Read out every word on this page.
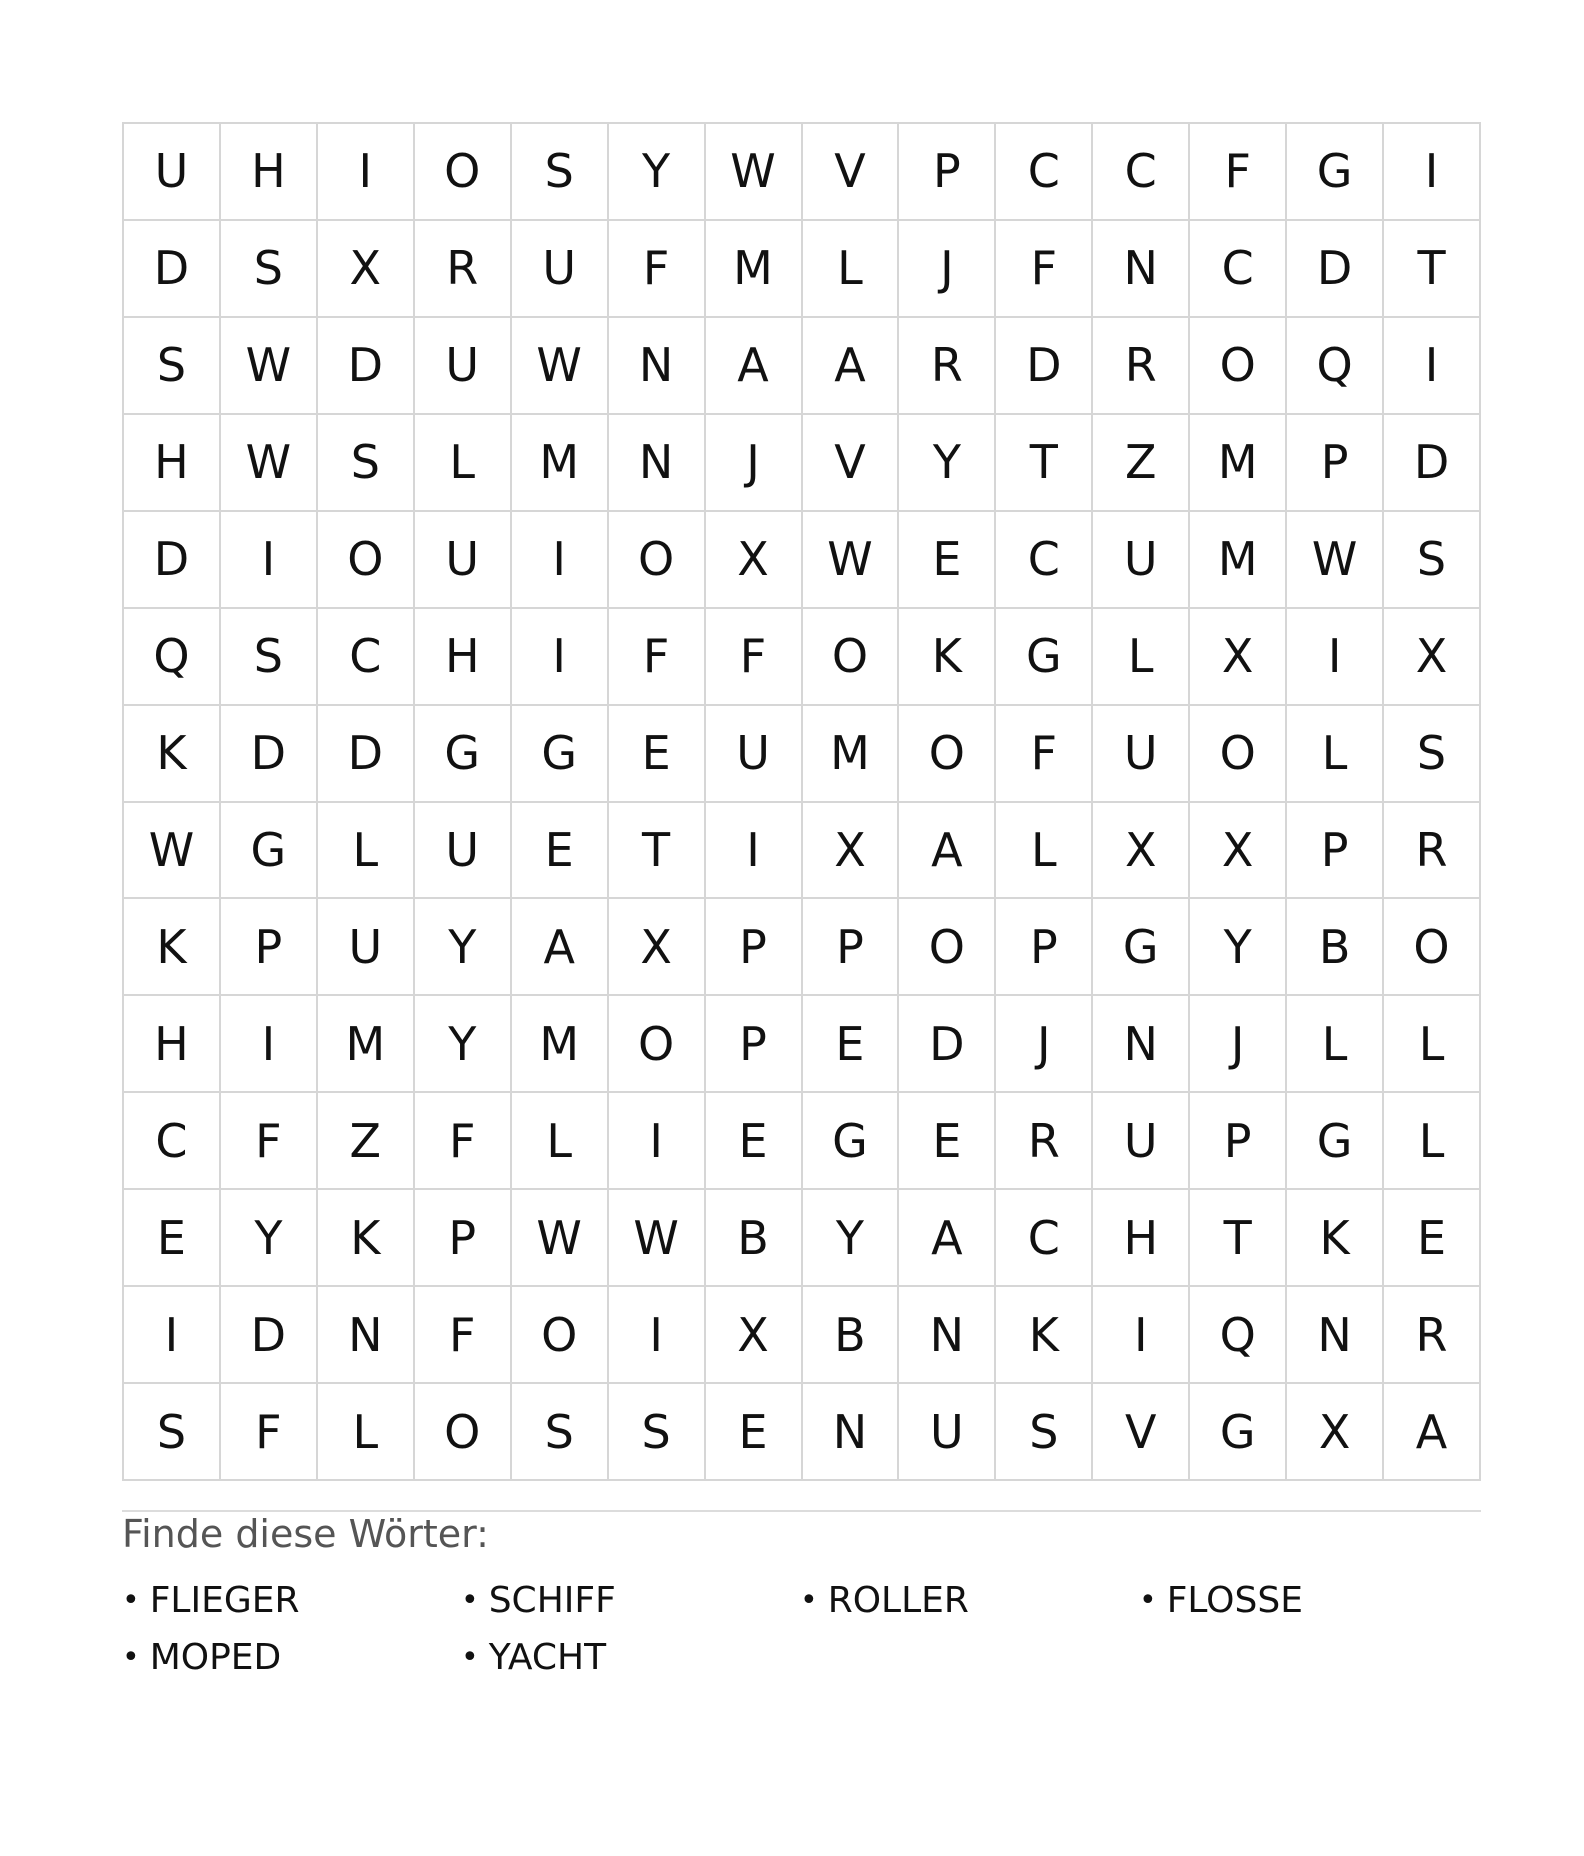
U	H	I	O	S	Y	W	V	P	C	C	F	G	I
D	S	X	R	U	F	M	L	J	F	N	C	D	T
S	W	D	U	W	N	A	A	R	D	R	O	Q	I
H	W	S	L	M	N	J	V	Y	T	Z	M	P	D
D	I	O	U	I	O	X	W	E	C	U	M	W	S
Q	S	C	H	I	F	F	O	K	G	L	X	I	X
K	D	D	G	G	E	U	M	O	F	U	O	L	S
W	G	L	U	E	T	I	X	A	L	X	X	P	R
K	P	U	Y	A	X	P	P	O	P	G	Y	B	O
H	I	M	Y	M	O	P	E	D	J	N	J	L	L
C	F	Z	F	L	I	E	G	E	R	U	P	G	L
E	Y	K	P	W	W	B	Y	A	C	H	T	K	E
I	D	N	F	O	I	X	B	N	K	I	Q	N	R
S	F	L	O	S	S	E	N	U	S	V	G	X	A
Finde diese Wörter:
• FLIEGER	• SCHIFF	• ROLLER	• FLOSSE
• MOPED	• YACHT
